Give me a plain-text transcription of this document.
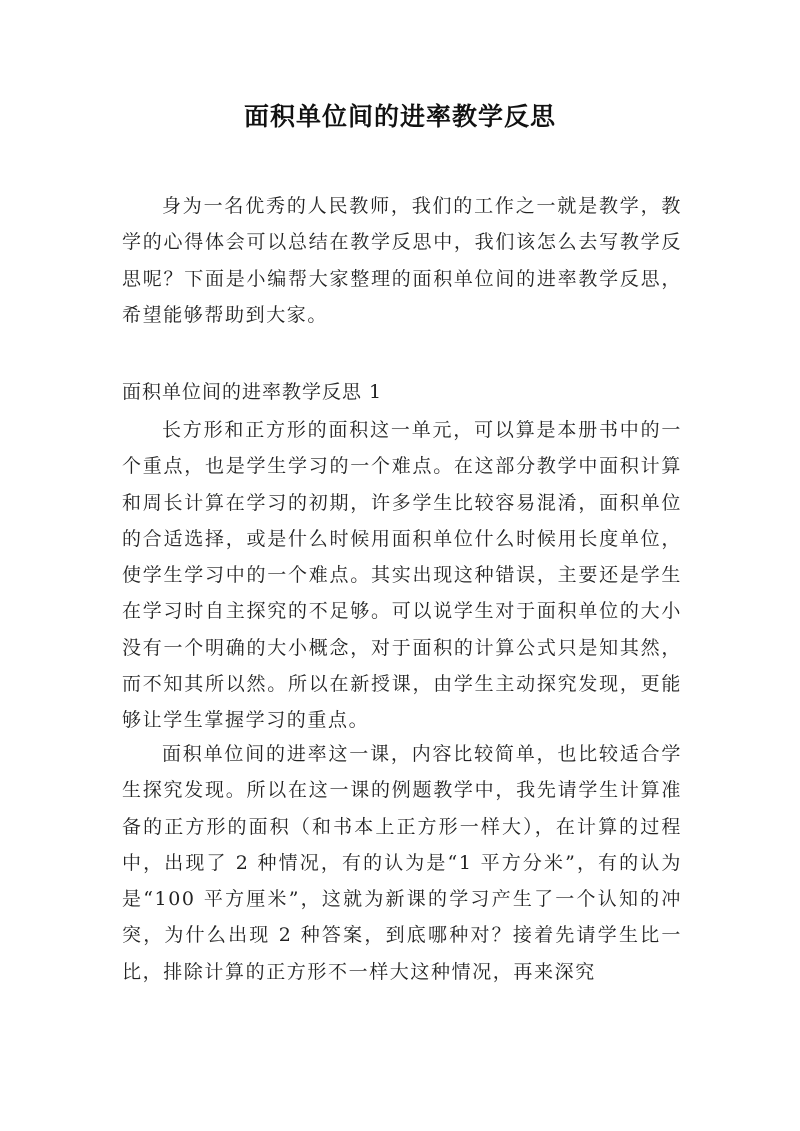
面积单位间的进率教学反思

身为一名优秀的人民教师，我们的工作之一就是教学，教学的心得体会可以总结在教学反思中，我们该怎么去写教学反思呢？下面是小编帮大家整理的面积单位间的进率教学反思，希望能够帮助到大家。

面积单位间的进率教学反思 1

长方形和正方形的面积这一单元，可以算是本册书中的一个重点，也是学生学习的一个难点。在这部分教学中面积计算和周长计算在学习的初期，许多学生比较容易混淆，面积单位的合适选择，或是什么时候用面积单位什么时候用长度单位，使学生学习中的一个难点。其实出现这种错误，主要还是学生在学习时自主探究的不足够。可以说学生对于面积单位的大小没有一个明确的大小概念，对于面积的计算公式只是知其然，而不知其所以然。所以在新授课，由学生主动探究发现，更能够让学生掌握学习的重点。

面积单位间的进率这一课，内容比较简单，也比较适合学生探究发现。所以在这一课的例题教学中，我先请学生计算准备的正方形的面积（和书本上正方形一样大），在计算的过程中，出现了 2 种情况，有的认为是“1 平方分米”，有的认为是“100 平方厘米”，这就为新课的学习产生了一个认知的冲突，为什么出现 2 种答案，到底哪种对？接着先请学生比一比，排除计算的正方形不一样大这种情况，再来深究
